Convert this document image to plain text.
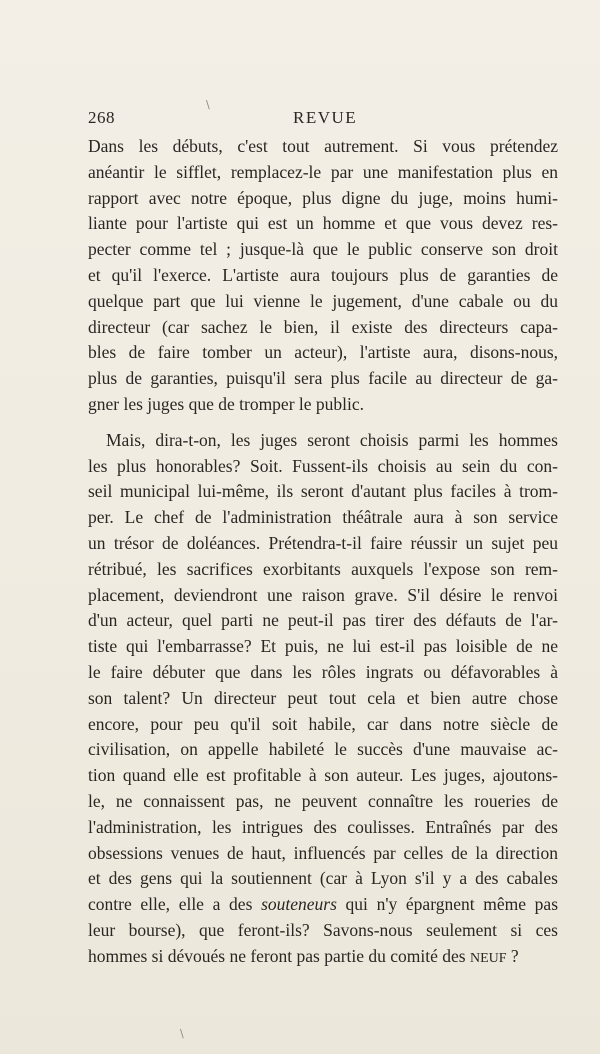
\
268	REVUE
Dans les débuts, c'est tout autrement. Si vous prétendez
anéantir le sifflet, remplacez-le par une manifestation plus en
rapport avec notre époque, plus digne du juge, moins humi-
liante pour l'artiste qui est un homme et que vous devez res-
pecter comme tel ; jusque-là que le public conserve son droit
et qu'il l'exerce. L'artiste aura toujours plus de garanties de
quelque part que lui vienne le jugement, d'une cabale ou du
directeur (car sachez le bien, il existe des directeurs capa-
bles de faire tomber un acteur), l'artiste aura, disons-nous,
plus de garanties, puisqu'il sera plus facile au directeur de ga-
gner les juges que de tromper le public.
Mais, dira-t-on, les juges seront choisis parmi les hommes
les plus honorables? Soit. Fussent-ils choisis au sein du con-
seil municipal lui-même, ils seront d'autant plus faciles à trom-
per. Le chef de l'administration théâtrale aura à son service
un trésor de doléances. Prétendra-t-il faire réussir un sujet peu
rétribué, les sacrifices exorbitants auxquels l'expose son rem-
placement, deviendront une raison grave. S'il désire le renvoi
d'un acteur, quel parti ne peut-il pas tirer des défauts de l'ar-
tiste qui l'embarrasse? Et puis, ne lui est-il pas loisible de ne
le faire débuter que dans les rôles ingrats ou défavorables à
son talent? Un directeur peut tout cela et bien autre chose
encore, pour peu qu'il soit habile, car dans notre siècle de
civilisation, on appelle habileté le succès d'une mauvaise ac-
tion quand elle est profitable à son auteur. Les juges, ajoutons-
le, ne connaissent pas, ne peuvent connaître les roueries de
l'administration, les intrigues des coulisses. Entraînés par des
obsessions venues de haut, influencés par celles de la direction
et des gens qui la soutiennent (car à Lyon s'il y a des cabales
contre elle, elle a des souteneurs qui n'y épargnent même pas
leur bourse), que feront-ils? Savons-nous seulement si ces
hommes si dévoués ne feront pas partie du comité des NEUF ?
\
